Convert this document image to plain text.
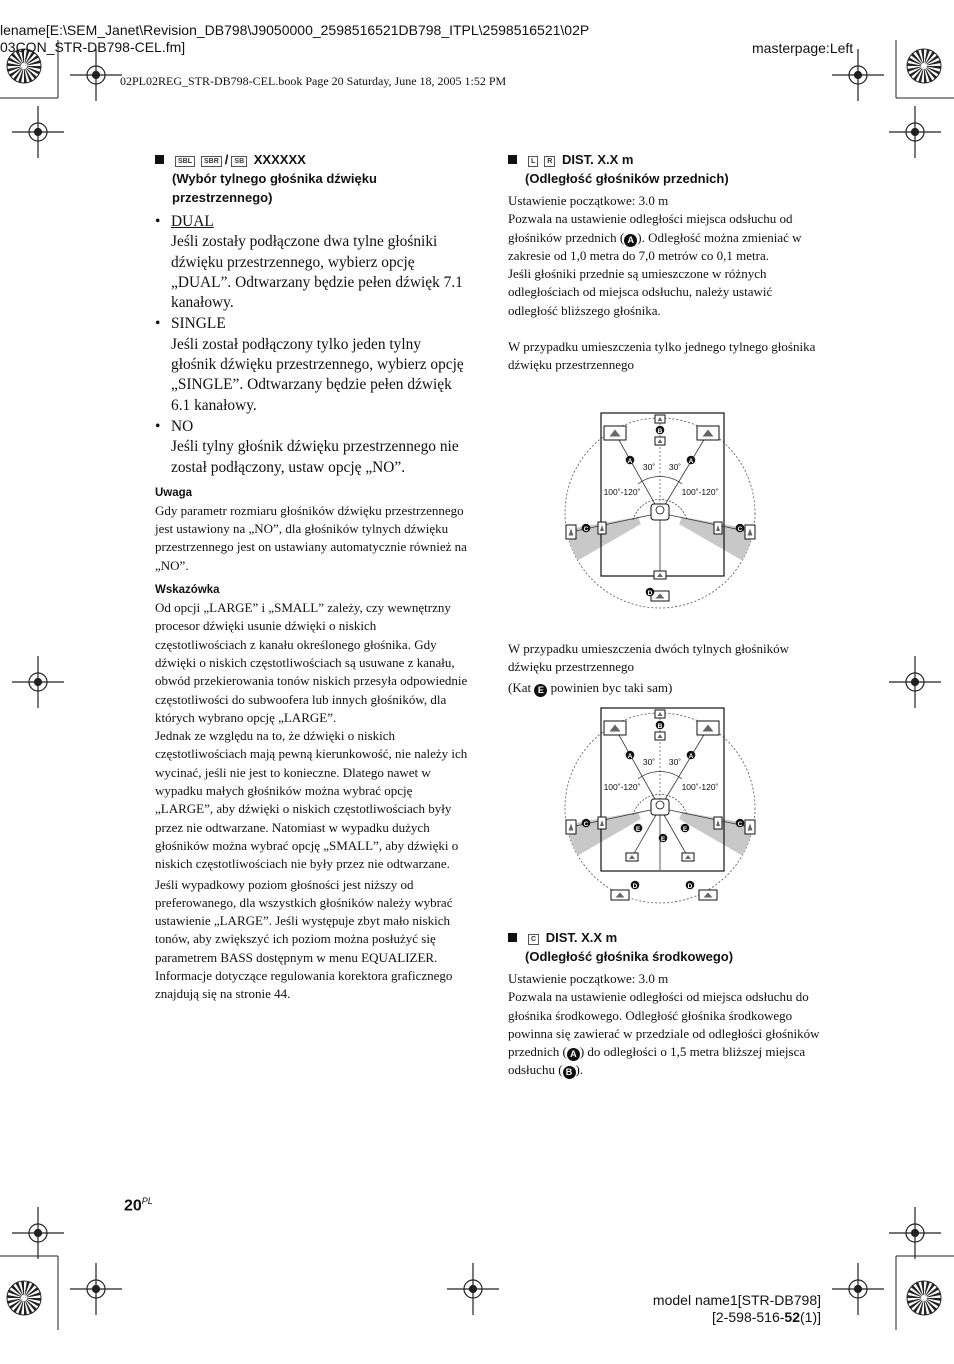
lename[E:\SEM_Janet\Revision_DB798\J9050000_2598516521DB798_ITPL\2598516521\02P
03CON_STR-DB798-CEL.fm]	masterpage:Left
02PL02REG_STR-DB798-CEL.book Page 20 Saturday, June 18, 2005 1:52 PM
SBL SBR / SB XXXXXX
(Wybór tylnego głośnika dźwięku
przestrzennego)
• DUAL

Jeśli zostały podłączone dwa tylne głośniki dźwięku przestrzennego, wybierz opcję „DUAL”. Odtwarzany będzie pełen dźwięk 7.1 kanałowy.

• SINGLE

Jeśli został podłączony tylko jeden tylny głośnik dźwięku przestrzennego, wybierz opcję „SINGLE”. Odtwarzany będzie pełen dźwięk 6.1 kanałowy.

• NO

Jeśli tylny głośnik dźwięku przestrzennego nie został podłączony, ustaw opcję „NO”.

Uwaga

Gdy parametr rozmiaru głośników dźwięku przestrzennego jest ustawiony na „NO”, dla głośników tylnych dźwięku przestrzennego jest on ustawiany automatycznie również na „NO”.

Wskazówka

Od opcji „LARGE” i „SMALL” zależy, czy wewnętrzny procesor dźwięki usunie dźwięki o niskich częstotliwościach z kanału określonego głośnika. Gdy dźwięki o niskich częstotliwościach są usuwane z kanału, obwód przekierowania tonów niskich przesyła odpowiednie częstotliwości do subwoofera lub innych głośników, dla których wybrano opcję „LARGE”.

Jednak ze względu na to, że dźwięki o niskich częstotliwościach mają pewną kierunkowość, nie należy ich wycinać, jeśli nie jest to konieczne. Dlatego nawet w wypadku małych głośników można wybrać opcję „LARGE”, aby dźwięki o niskich częstotliwościach były przez nie odtwarzane. Natomiast w wypadku dużych głośników można wybrać opcję „SMALL”, aby dźwięki o niskich częstotliwościach nie były przez nie odtwarzane.

Jeśli wypadkowy poziom głośności jest niższy od preferowanego, dla wszystkich głośników należy wybrać ustawienie „LARGE”. Jeśli występuje zbyt mało niskich tonów, aby zwiększyć ich poziom można posłużyć się parametrem BASS dostępnym w menu EQUALIZER. Informacje dotyczące regulowania korektora graficznego znajdują się na stronie 44.

L R DIST. X.X m
(Odległość głośników przednich)

Ustawienie początkowe: 3.0 m

Pozwala na ustawienie odległości miejsca odsłuchu od głośników przednich ( A ). Odległość można zmieniać w zakresie od 1,0 metra do 7,0 metrów co 0,1 metra.

Jeśli głośniki przednie są umieszczone w różnych odległościach od miejsca odsłuchu, należy ustawić odległość bliższego głośnika.

W przypadku umieszczenia tylko jednego tylnego głośnika dźwięku przestrzennego

30˚ 30˚
100˚-120˚	100˚-120˚
A	A
B
C	C
D

W przypadku umieszczenia dwóch tylnych głośników dźwięku przestrzennego

(Kat E powinien byc taki sam)

30˚ 30˚
100˚-120˚	100˚-120˚
A	A
B
C	C
E	E
E
D	D
C DIST. X.X m
(Odległość głośnika środkowego)

Ustawienie początkowe: 3.0 m

Pozwala na ustawienie odległości od miejsca odsłuchu do głośnika środkowego. Odległość głośnika środkowego powinna się zawierać w przedziale od odległości głośników przednich ( A ) do odległości o 1,5 metra bliższej miejsca odsłuchu ( B ).

$20^{PL}$
model name1[STR-DB798]
[2-598-516-52(1)]
